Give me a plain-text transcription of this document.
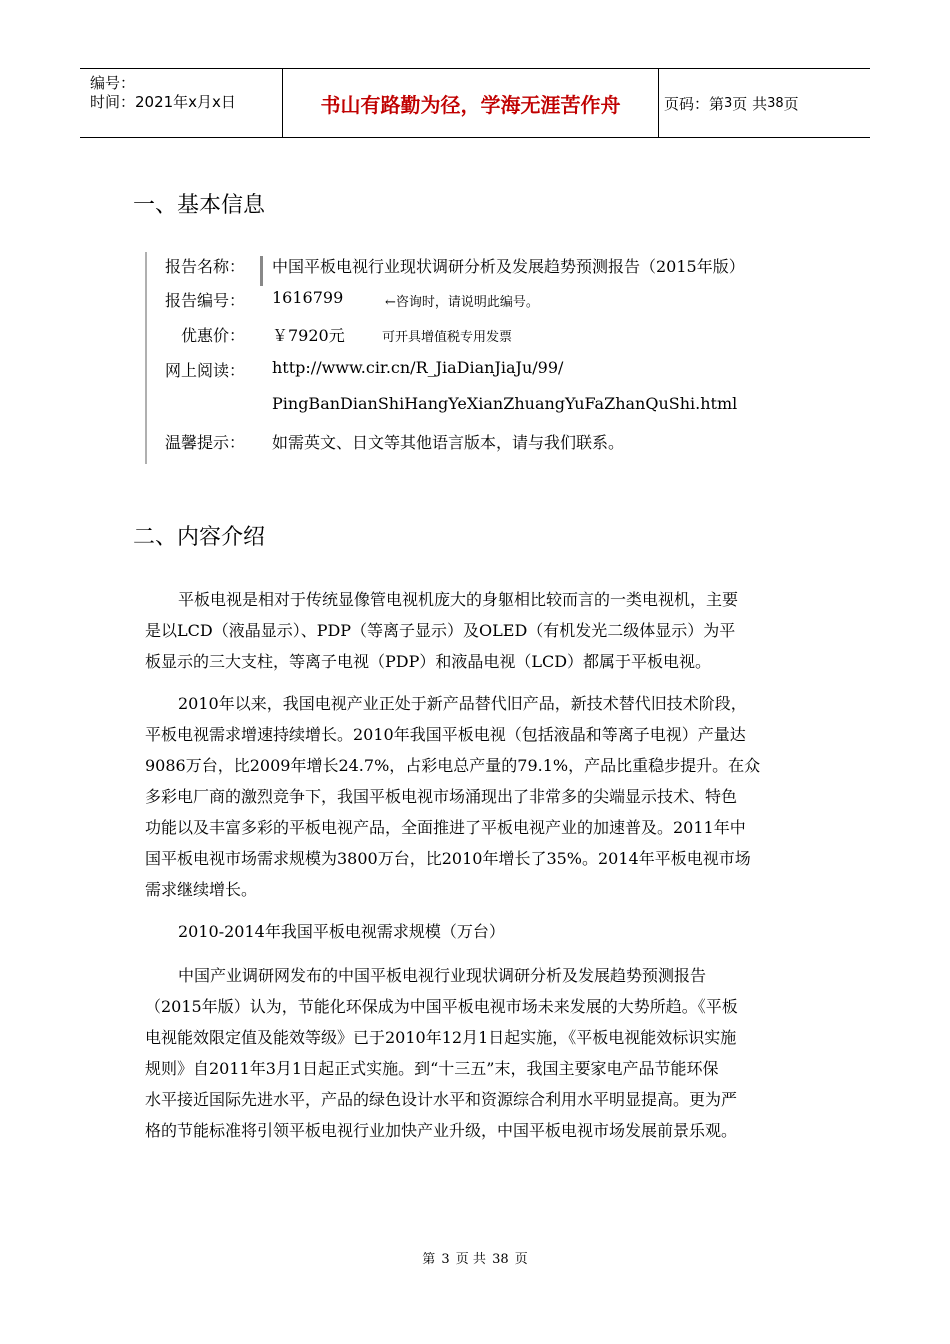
编号：
时间：2021年x月x日	书山有路勤为径，学海无涯苦作舟	页码：第 3 页 共 38 页
一、基本信息
报告名称： 中国平板电视行业现状调研分析及发展趋势预测报告（2015年版）
报告编号： 1616799	←咨询时，请说明此编号。
优惠价： ￥7920元	可开具增值税专用发票
网上阅读： http://www.cir.cn/R_JiaDianJiaJu/99/
PingBanDianShiHangYeXianZhuangYuFaZhanQuShi.html
温馨提示： 如需英文、日文等其他语言版本，请与我们联系。
二、内容介绍
平板电视是相对于传统显像管电视机庞大的身躯相比较而言的一类电视机，主要
是以LCD（液晶显示）、PDP（等离子显示）及OLED（有机发光二级体显示）为平
板显示的三大支柱，等离子电视（PDP）和液晶电视（LCD）都属于平板电视。
2010年以来，我国电视产业正处于新产品替代旧产品，新技术替代旧技术阶段，
平板电视需求增速持续增长。2010年我国平板电视（包括液晶和等离子电视）产量达
9086万台，比2009年增长24.7%，占彩电总产量的79.1%，产品比重稳步提升。在众
多彩电厂商的激烈竞争下，我国平板电视市场涌现出了非常多的尖端显示技术、特色
功能以及丰富多彩的平板电视产品，全面推进了平板电视产业的加速普及。2011年中
国平板电视市场需求规模为3800万台，比2010年增长了35%。2014年平板电视市场
需求继续增长。
2010-2014年我国平板电视需求规模（万台）
中国产业调研网发布的中国平板电视行业现状调研分析及发展趋势预测报告
（2015年版）认为，节能化环保成为中国平板电视市场未来发展的大势所趋。《平板
电视能效限定值及能效等级》已于2010年12月1日起实施，《平板电视能效标识实施
规则》自2011年3月1日起正式实施。到“十三五”末，我国主要家电产品节能环保
水平接近国际先进水平，产品的绿色设计水平和资源综合利用水平明显提高。更为严
格的节能标准将引领平板电视行业加快产业升级，中国平板电视市场发展前景乐观。
第 3 页 共 38 页
